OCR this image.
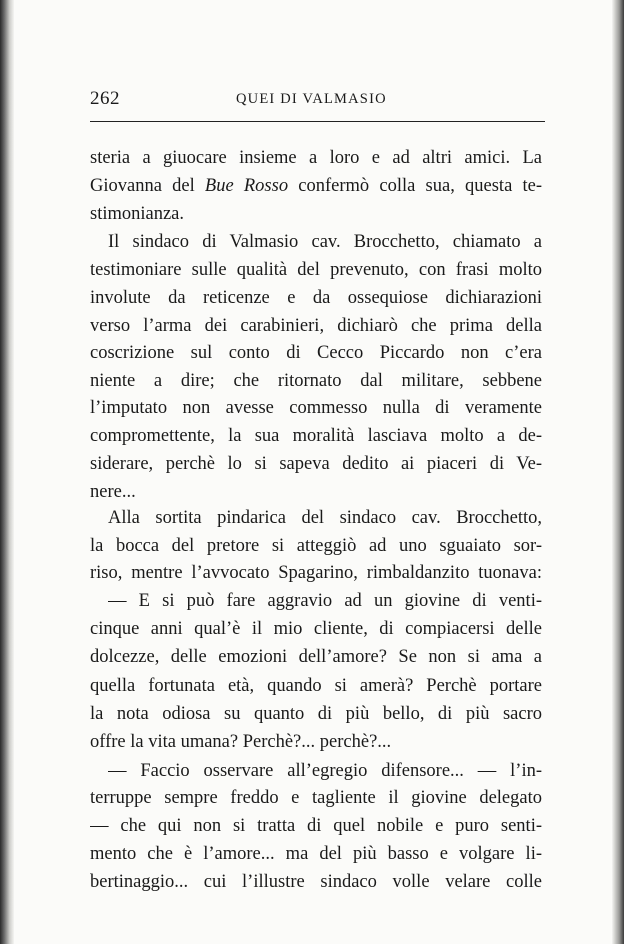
262	QUEI DI VALMASIO
steria a giuocare insieme a loro e ad altri amici. La
Giovanna del Bue Rosso confermò colla sua, questa te-
stimonianza.
Il sindaco di Valmasio cav. Brocchetto, chiamato a
testimoniare sulle qualità del prevenuto, con frasi molto
involute da reticenze e da ossequiose dichiarazioni
verso l’arma dei carabinieri, dichiarò che prima della
coscrizione sul conto di Cecco Piccardo non c’era
niente a dire; che ritornato dal militare, sebbene
l’imputato non avesse commesso nulla di veramente
compromettente, la sua moralità lasciava molto a de-
siderare, perchè lo si sapeva dedito ai piaceri di Ve-
nere...
Alla sortita pindarica del sindaco cav. Brocchetto,
la bocca del pretore si atteggiò ad uno sguaiato sor-
riso, mentre l’avvocato Spagarino, rimbaldanzito tuonava:
— E si può fare aggravio ad un giovine di venti-
cinque anni qual’è il mio cliente, di compiacersi delle
dolcezze, delle emozioni dell’amore? Se non si ama a
quella fortunata età, quando si amerà? Perchè portare
la nota odiosa su quanto di più bello, di più sacro
offre la vita umana? Perchè?... perchè?...
— Faccio osservare all’egregio difensore... — l’in-
terruppe sempre freddo e tagliente il giovine delegato
— che qui non si tratta di quel nobile e puro senti-
mento che è l’amore... ma del più basso e volgare li-
bertinaggio... cui l’illustre sindaco volle velare colle
